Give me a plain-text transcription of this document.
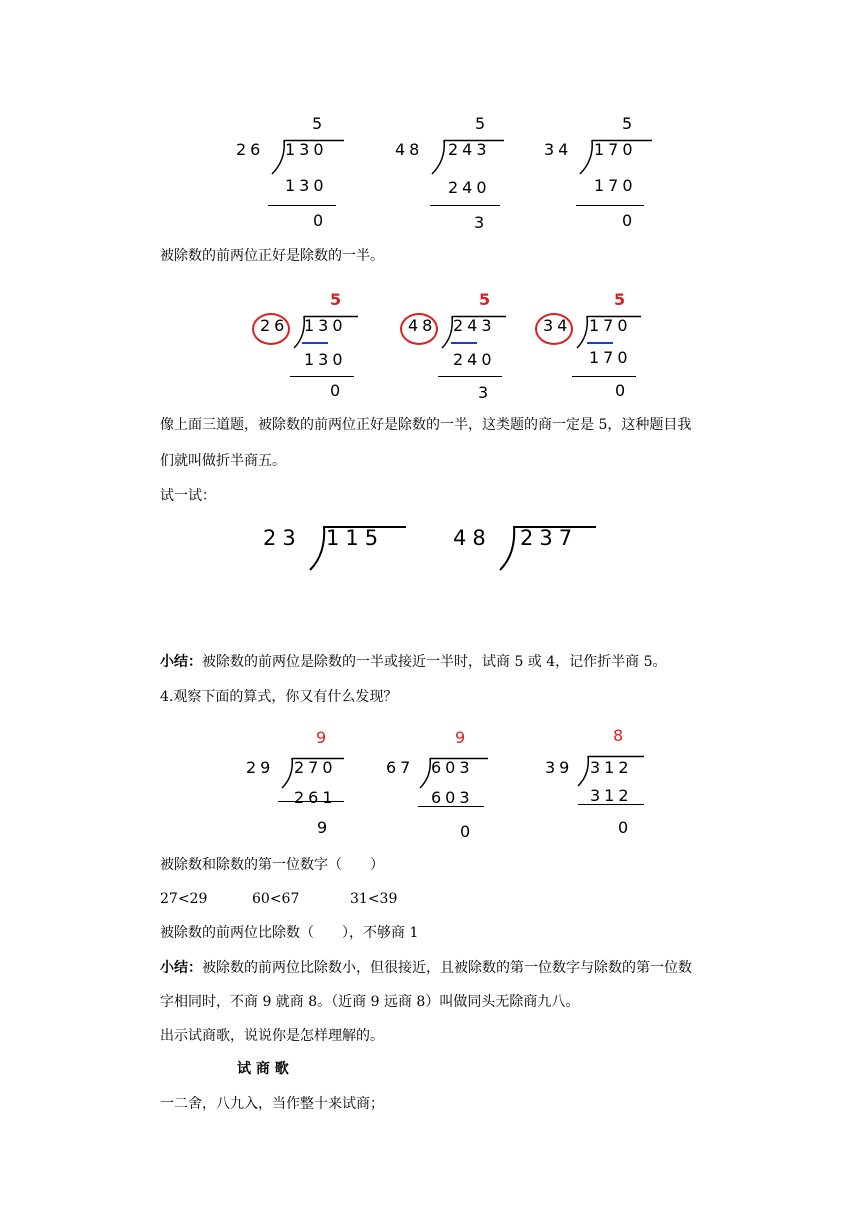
5
26 130
130
0
5
48 243
240
3
5
34 170
170
0
被除数的前两位正好是除数的一半。
5
26 130
130
0
5
48 243
240
3
5
34 170
170
0
像上面三道题，被除数的前两位正好是除数的一半，这类题的商一定是 5，这种题目我
们就叫做折半商五。
试一试：
23 115	48 237
小结：被除数的前两位是除数的一半或接近一半时，试商 5 或 4，记作折半商 5。
4.观察下面的算式，你又有什么发现？
9
29 270
261
9
9
67 603
603
0
8
39 312
312
0
被除数和除数的第一位数字（　　）
27<29	60<67	31<39
被除数的前两位比除数（　　），不够商 1
小结：被除数的前两位比除数小，但很接近，且被除数的第一位数字与除数的第一位数
字相同时，不商 9 就商 8。（近商 9 远商 8）叫做同头无除商九八。
出示试商歌，说说你是怎样理解的。
试 商 歌
一二舍，八九入，当作整十来试商；
